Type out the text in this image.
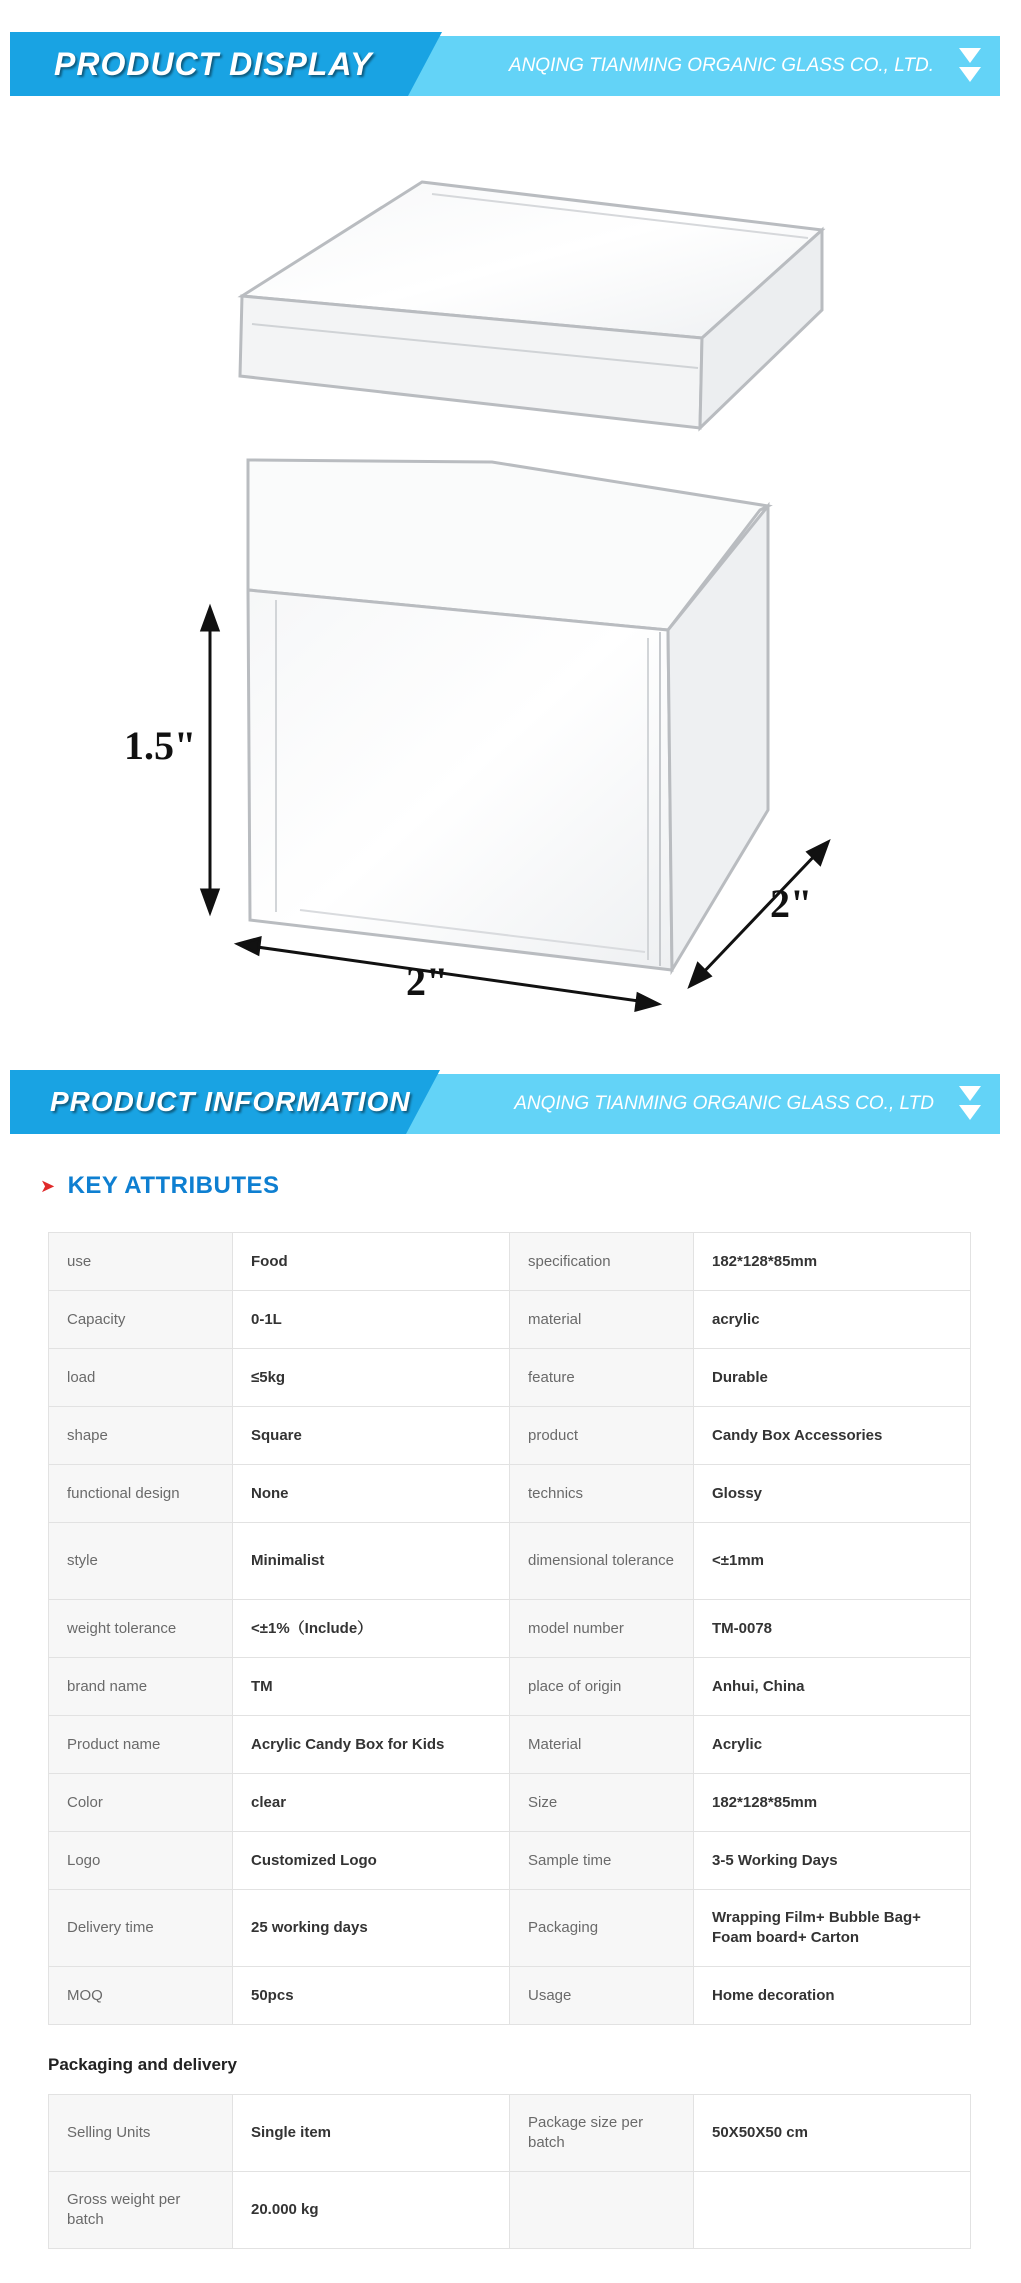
PRODUCT DISPLAY	ANQING TIANMING ORGANIC GLASS CO., LTD.
1.5"
2"
2"
PRODUCT INFORMATION	ANQING TIANMING ORGANIC GLASS CO., LTD
➤ KEY ATTRIBUTES
use	Food	specification	182*128*85mm
Capacity	0-1L	material	acrylic
load	≤5kg	feature	Durable
shape	Square	product	Candy Box Accessories
functional design	None	technics	Glossy
style	Minimalist	dimensional tolerance	<±1mm
weight tolerance	<±1%（Include）	model number	TM-0078
brand name	TM	place of origin	Anhui, China
Product name	Acrylic Candy Box for Kids	Material	Acrylic
Color	clear	Size	182*128*85mm
Logo	Customized Logo	Sample time	3-5 Working Days
Delivery time	25 working days	Packaging	Wrapping Film+ Bubble Bag+ Foam board+ Carton
MOQ	50pcs	Usage	Home decoration
Packaging and delivery
Selling Units	Single item	Package size per batch	50X50X50 cm
Gross weight per batch	20.000 kg		
